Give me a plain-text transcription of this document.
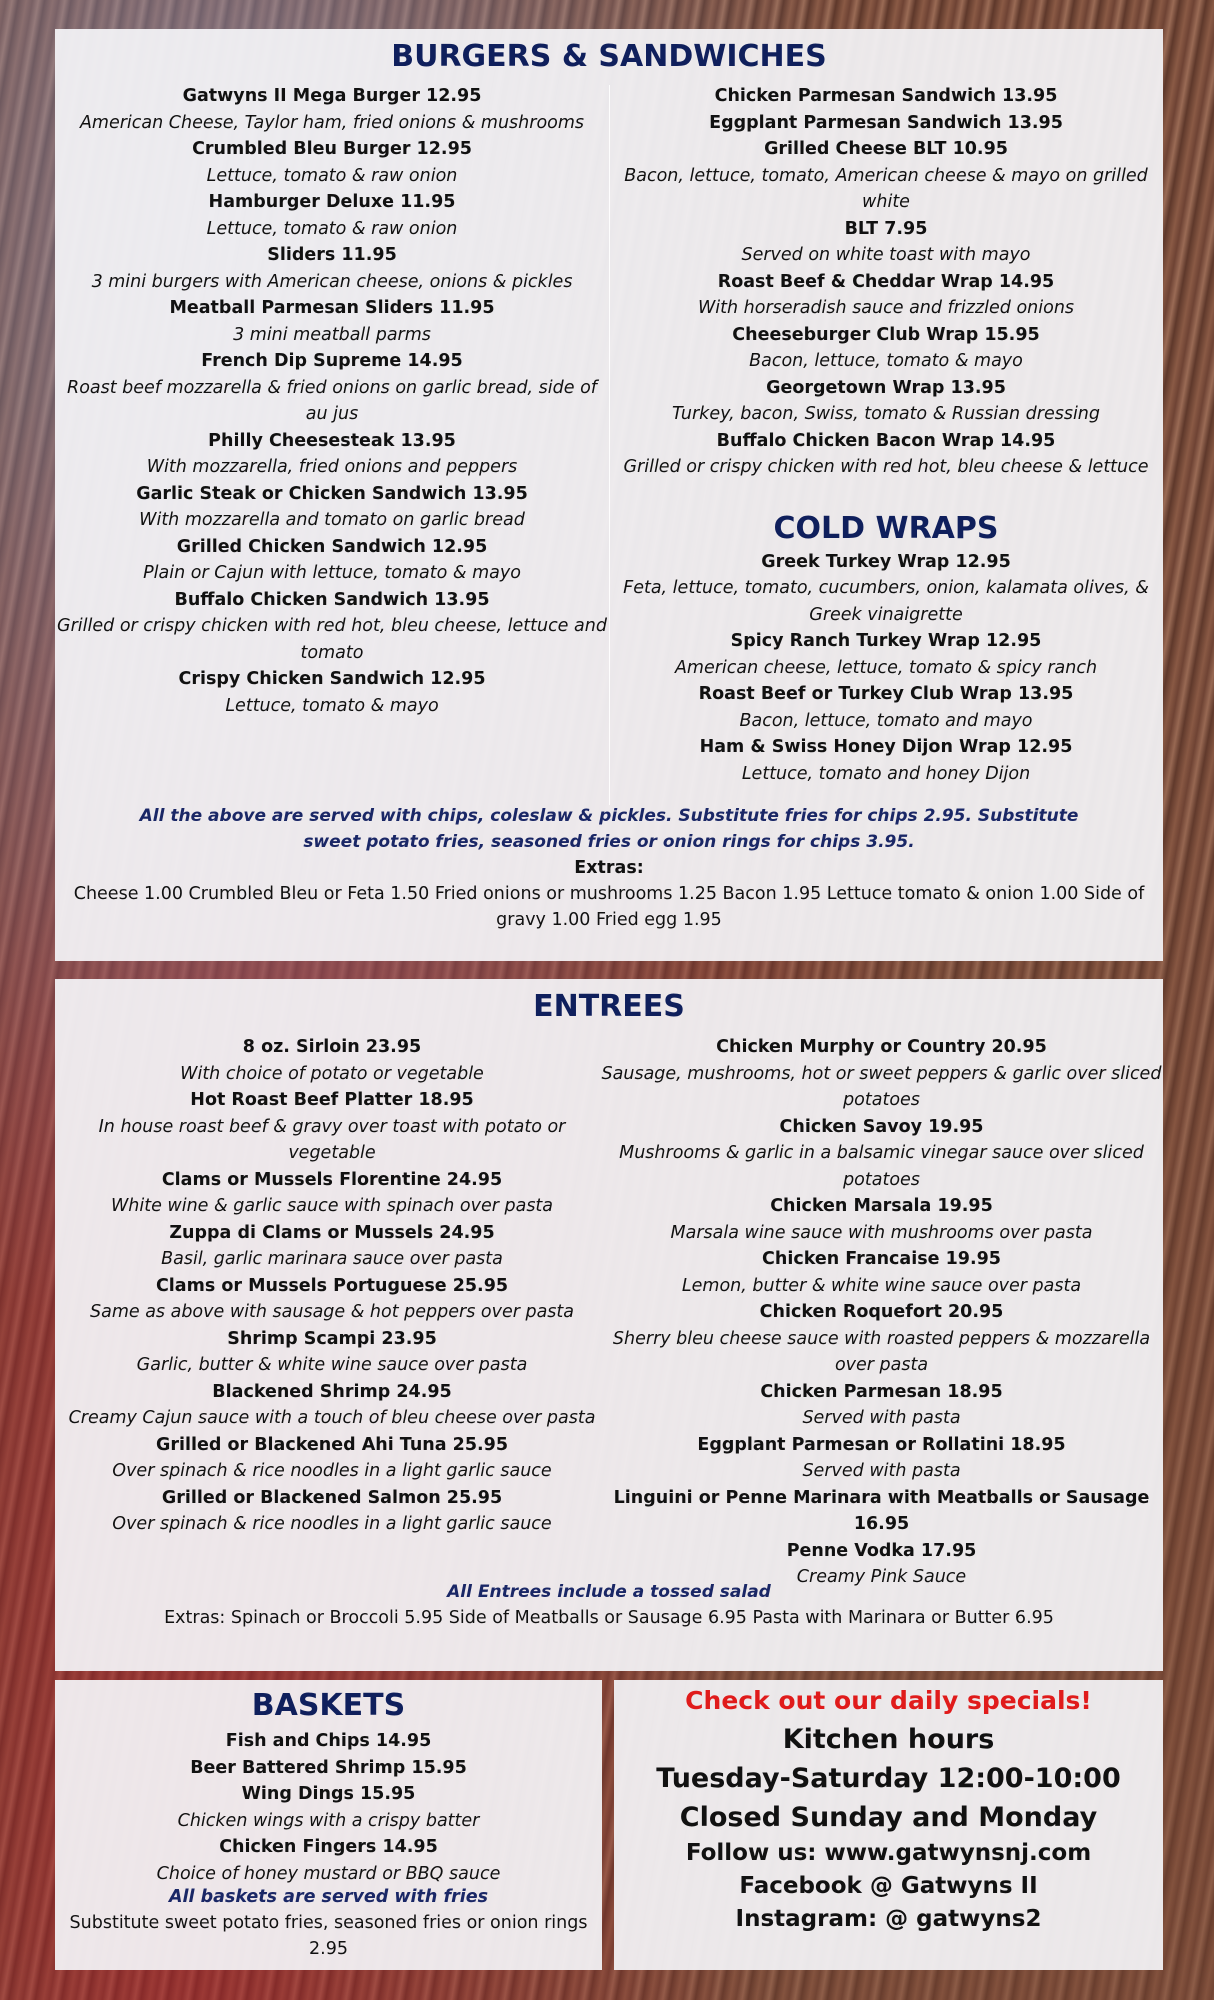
BURGERS & SANDWICHES
Gatwyns II Mega Burger 12.95
American Cheese, Taylor ham, fried onions & mushrooms
Crumbled Bleu Burger 12.95
Lettuce, tomato & raw onion
Hamburger Deluxe 11.95
Lettuce, tomato & raw onion
Sliders 11.95
3 mini burgers with American cheese, onions & pickles
Meatball Parmesan Sliders 11.95
3 mini meatball parms
French Dip Supreme 14.95
Roast beef mozzarella & fried onions on garlic bread, side of au jus
Philly Cheesesteak 13.95
With mozzarella, fried onions and peppers
Garlic Steak or Chicken Sandwich 13.95
With mozzarella and tomato on garlic bread
Grilled Chicken Sandwich 12.95
Plain or Cajun with lettuce, tomato & mayo
Buffalo Chicken Sandwich 13.95
Grilled or crispy chicken with red hot, bleu cheese, lettuce and tomato
Crispy Chicken Sandwich 12.95
Lettuce, tomato & mayo
Chicken Parmesan Sandwich 13.95
Eggplant Parmesan Sandwich 13.95
Grilled Cheese BLT 10.95
Bacon, lettuce, tomato, American cheese & mayo on grilled white
BLT 7.95
Served on white toast with mayo
Roast Beef & Cheddar Wrap 14.95
With horseradish sauce and frizzled onions
Cheeseburger Club Wrap 15.95
Bacon, lettuce, tomato & mayo
Georgetown Wrap 13.95
Turkey, bacon, Swiss, tomato & Russian dressing
Buffalo Chicken Bacon Wrap 14.95
Grilled or crispy chicken with red hot, bleu cheese & lettuce
COLD WRAPS
Greek Turkey Wrap 12.95
Feta, lettuce, tomato, cucumbers, onion, kalamata olives, & Greek vinaigrette
Spicy Ranch Turkey Wrap 12.95
American cheese, lettuce, tomato & spicy ranch
Roast Beef or Turkey Club Wrap 13.95
Bacon, lettuce, tomato and mayo
Ham & Swiss Honey Dijon Wrap 12.95
Lettuce, tomato and honey Dijon
All the above are served with chips, coleslaw & pickles. Substitute fries for chips 2.95. Substitute sweet potato fries, seasoned fries or onion rings for chips 3.95.
Extras:
Cheese 1.00 Crumbled Bleu or Feta 1.50 Fried onions or mushrooms 1.25 Bacon 1.95 Lettuce tomato & onion 1.00 Side of gravy 1.00 Fried egg 1.95
ENTREES
8 oz. Sirloin 23.95
With choice of potato or vegetable
Hot Roast Beef Platter 18.95
In house roast beef & gravy over toast with potato or vegetable
Clams or Mussels Florentine 24.95
White wine & garlic sauce with spinach over pasta
Zuppa di Clams or Mussels 24.95
Basil, garlic marinara sauce over pasta
Clams or Mussels Portuguese 25.95
Same as above with sausage & hot peppers over pasta
Shrimp Scampi 23.95
Garlic, butter & white wine sauce over pasta
Blackened Shrimp 24.95
Creamy Cajun sauce with a touch of bleu cheese over pasta
Grilled or Blackened Ahi Tuna 25.95
Over spinach & rice noodles in a light garlic sauce
Grilled or Blackened Salmon 25.95
Over spinach & rice noodles in a light garlic sauce
Chicken Murphy or Country 20.95
Sausage, mushrooms, hot or sweet peppers & garlic over sliced potatoes
Chicken Savoy 19.95
Mushrooms & garlic in a balsamic vinegar sauce over sliced potatoes
Chicken Marsala 19.95
Marsala wine sauce with mushrooms over pasta
Chicken Francaise 19.95
Lemon, butter & white wine sauce over pasta
Chicken Roquefort 20.95
Sherry bleu cheese sauce with roasted peppers & mozzarella over pasta
Chicken Parmesan 18.95
Served with pasta
Eggplant Parmesan or Rollatini 18.95
Served with pasta
Linguini or Penne Marinara with Meatballs or Sausage 16.95
Penne Vodka 17.95
Creamy Pink Sauce
All Entrees include a tossed salad
Extras: Spinach or Broccoli 5.95 Side of Meatballs or Sausage 6.95 Pasta with Marinara or Butter 6.95
BASKETS
Fish and Chips 14.95
Beer Battered Shrimp 15.95
Wing Dings 15.95
Chicken wings with a crispy batter
Chicken Fingers 14.95
Choice of honey mustard or BBQ sauce
All baskets are served with fries
Substitute sweet potato fries, seasoned fries or onion rings 2.95
Check out our daily specials!
Kitchen hours
Tuesday-Saturday 12:00-10:00
Closed Sunday and Monday
Follow us: www.gatwynsnj.com
Facebook @ Gatwyns II
Instagram: @ gatwyns2
